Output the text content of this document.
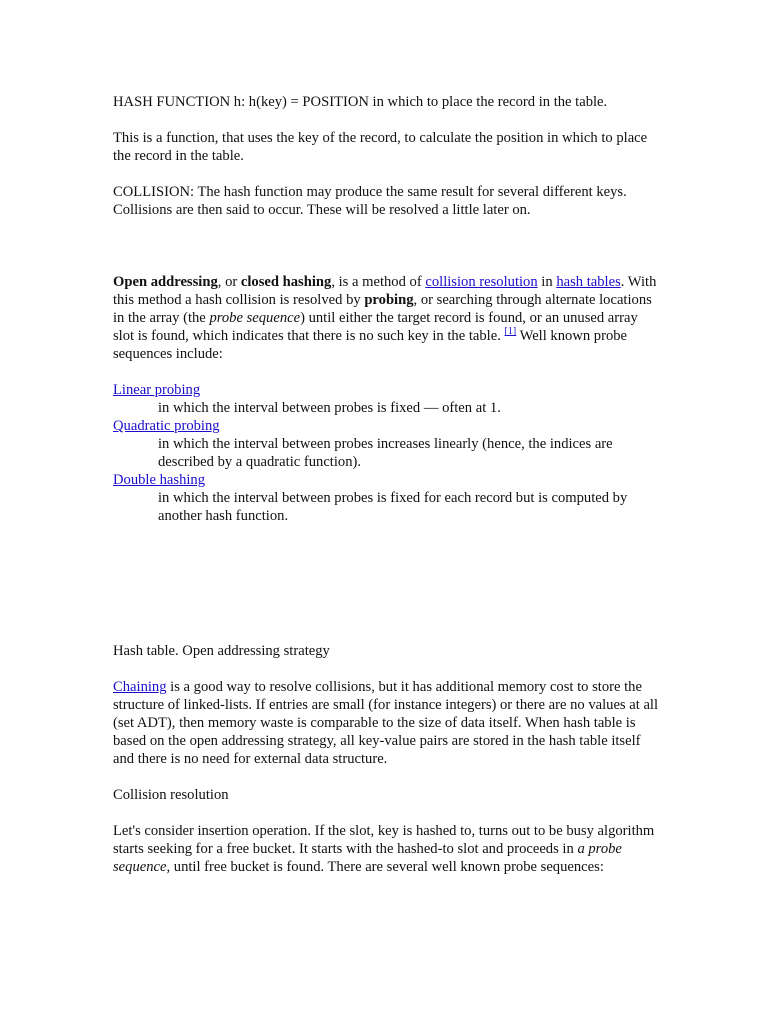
HASH FUNCTION h: h(key) = POSITION in which to place the record in the table.

This is a function, that uses the key of the record, to calculate the position in which to place the record in the table.

COLLISION: The hash function may produce the same result for several different keys. Collisions are then said to occur. These will be resolved a little later on.

Open addressing, or closed hashing, is a method of collision resolution in hash tables. With this method a hash collision is resolved by probing, or searching through alternate locations in the array (the probe sequence) until either the target record is found, or an unused array slot is found, which indicates that there is no such key in the table. [1] Well known probe sequences include:

Linear probing
in which the interval between probes is fixed — often at 1.
Quadratic probing
in which the interval between probes increases linearly (hence, the indices are described by a quadratic function).
Double hashing
in which the interval between probes is fixed for each record but is computed by another hash function.

Hash table. Open addressing strategy

Chaining is a good way to resolve collisions, but it has additional memory cost to store the structure of linked-lists. If entries are small (for instance integers) or there are no values at all (set ADT), then memory waste is comparable to the size of data itself. When hash table is based on the open addressing strategy, all key-value pairs are stored in the hash table itself and there is no need for external data structure.

Collision resolution

Let's consider insertion operation. If the slot, key is hashed to, turns out to be busy algorithm starts seeking for a free bucket. It starts with the hashed-to slot and proceeds in a probe sequence, until free bucket is found. There are several well known probe sequences:
